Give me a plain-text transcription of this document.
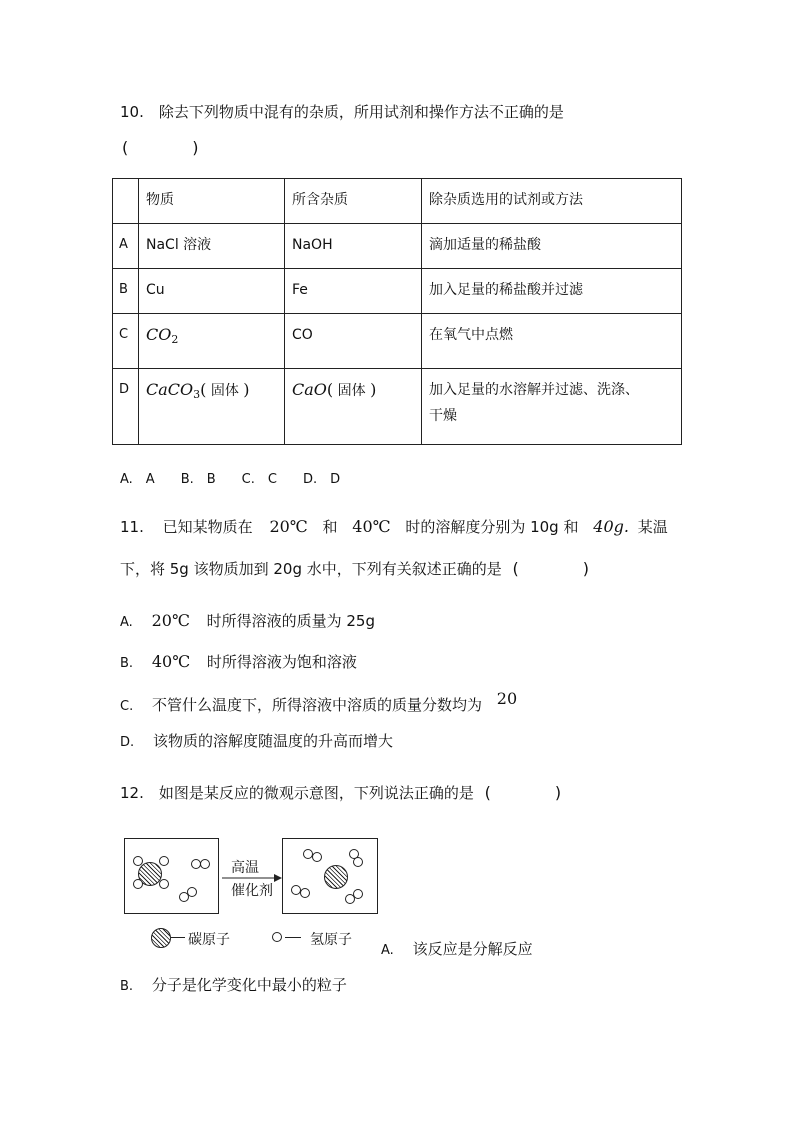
10.　除去下列物质中混有的杂质，所用试剂和操作方法不正确的是
(　　　　)
	物质	所含杂质	除杂质选用的试剂或方法
A	NaCl 溶液	NaOH	滴加适量的稀盐酸
B	Cu	Fe	加入足量的稀盐酸并过滤
C	$CO_2$	CO	在氧气中点燃
D	CaCO$_3$( 固体 )	CaO( 固体 )	加入足量的水溶解并过滤、洗涤、
干燥
A.　A　　B.　B　　C.　C　　D.　D
11. 已知某物质在 20℃ 和 40℃ 时的溶解度分别为 10g 和 40g. 某温
下，将 5g 该物质加到 20g 水中，下列有关叙述正确的是 (　　　　)
A. 20℃ 时所得溶液的质量为 25g
B. 40℃ 时所得溶液为饱和溶液
C. 不管什么温度下，所得溶液中溶质的质量分数均为 20
D. 该物质的溶解度随温度的升高而增大
12.　如图是某反应的微观示意图，下列说法正确的是 (　　　　)
高温
催化剂
碳原子	氢原子
A. 该反应是分解反应
B. 分子是化学变化中最小的粒子
